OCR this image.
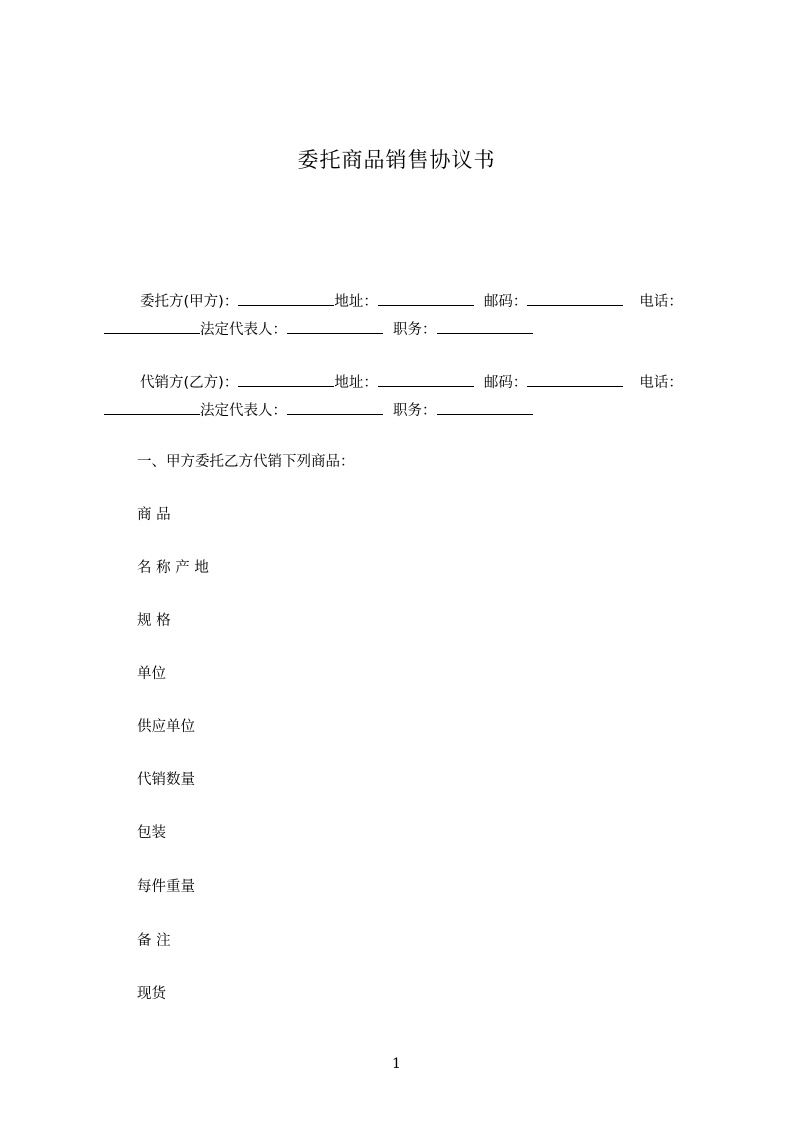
委托商品销售协议书
委托方(甲方)：	地址：	邮码：	电话：
法定代表人：	职务：
代销方(乙方)：	地址：	邮码：	电话：
法定代表人：	职务：
一、甲方委托乙方代销下列商品：
商 品
名 称 产 地
规 格
单位
供应单位
代销数量
包装
每件重量
备 注
现货
1
